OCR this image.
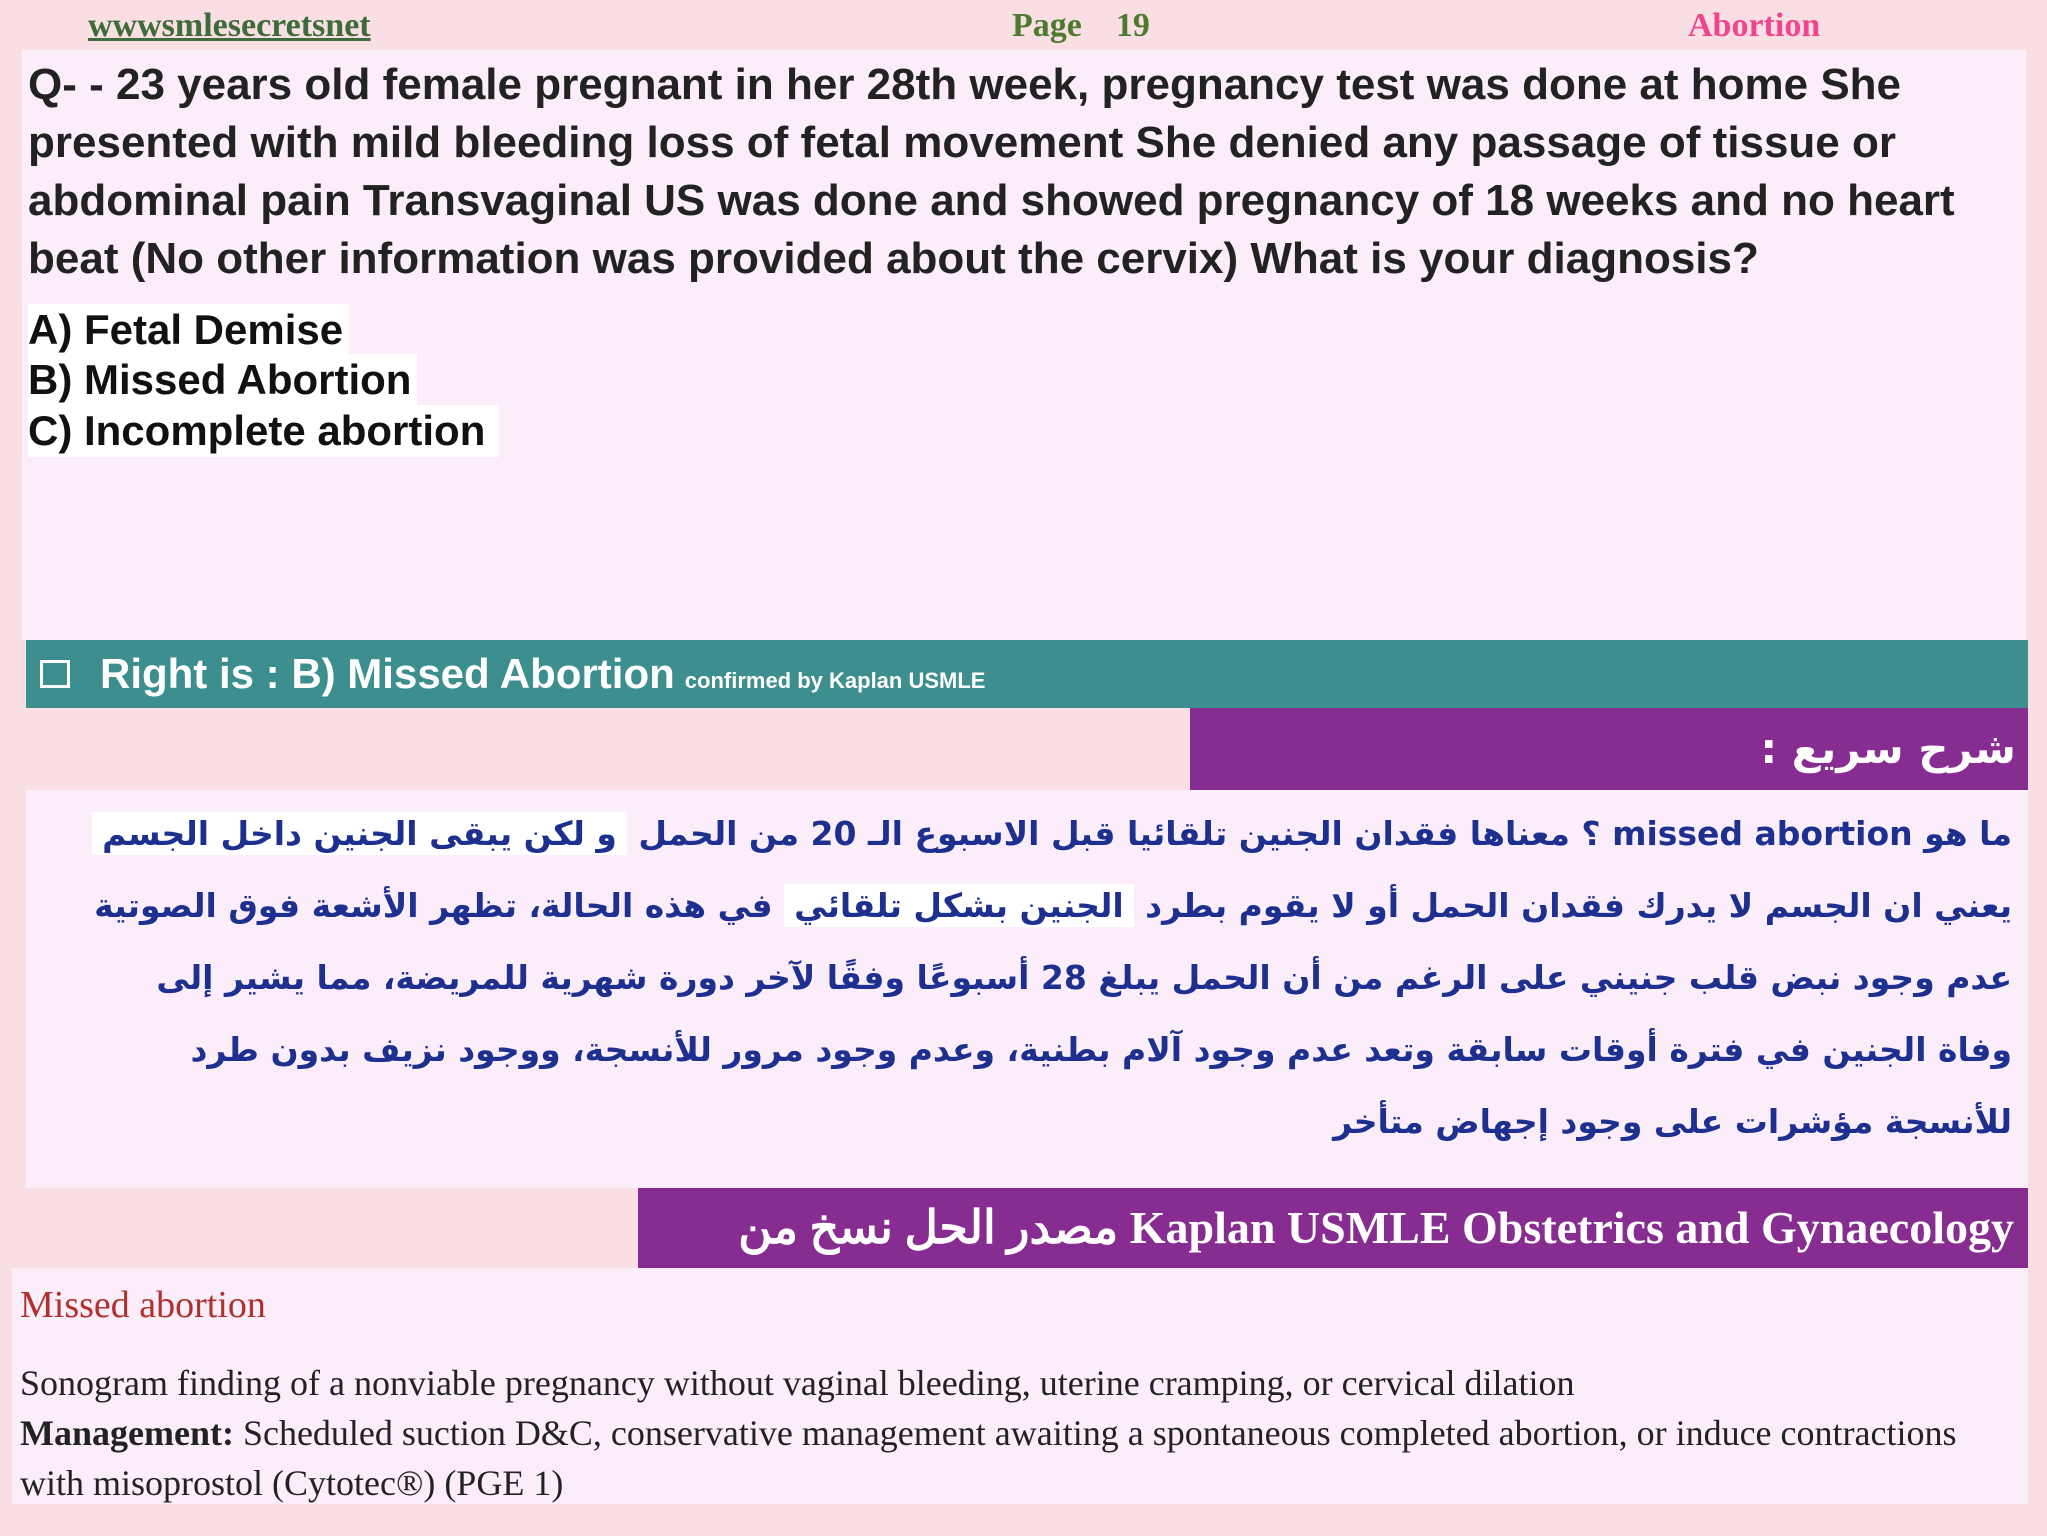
wwwsmlesecretsnet	Page 19	Abortion

Q- - 23 years old female pregnant in her 28th week, pregnancy test was done at home She presented with mild bleeding loss of fetal movement She denied any passage of tissue or abdominal pain Transvaginal US was done and showed pregnancy of 18 weeks and no heart beat (No other information was provided about the cervix) What is your diagnosis?

A) Fetal Demise
B) Missed Abortion
C) Incomplete abortion
Right is : B) Missed Abortion confirmed by Kaplan USMLE
شرح سريع :

ما هو missed abortion ؟ معناها فقدان الجنين تلقائيا قبل الاسبوع الـ 20 من الحمل و لكن يبقى الجنين داخل الجسم يعني ان الجسم لا يدرك فقدان الحمل أو لا يقوم بطرد الجنين بشكل تلقائي في هذه الحالة، تظهر الأشعة فوق الصوتية عدم وجود نبض قلب جنيني على الرغم من أن الحمل يبلغ 28 أسبوعًا وفقًا لآخر دورة شهرية للمريضة، مما يشير إلى وفاة الجنين في فترة أوقات سابقة وتعد عدم وجود آلام بطنية، وعدم وجود مرور للأنسجة، ووجود نزيف بدون طرد للأنسجة مؤشرات على وجود إجهاض متأخر

مصدر الحل نسخ من Kaplan USMLE Obstetrics and Gynaecology
Missed abortion

Sonogram finding of a nonviable pregnancy without vaginal bleeding, uterine cramping, or cervical dilation
Management: Scheduled suction D&C, conservative management awaiting a spontaneous completed abortion, or induce contractions with misoprostol (Cytotec®) (PGE 1)
